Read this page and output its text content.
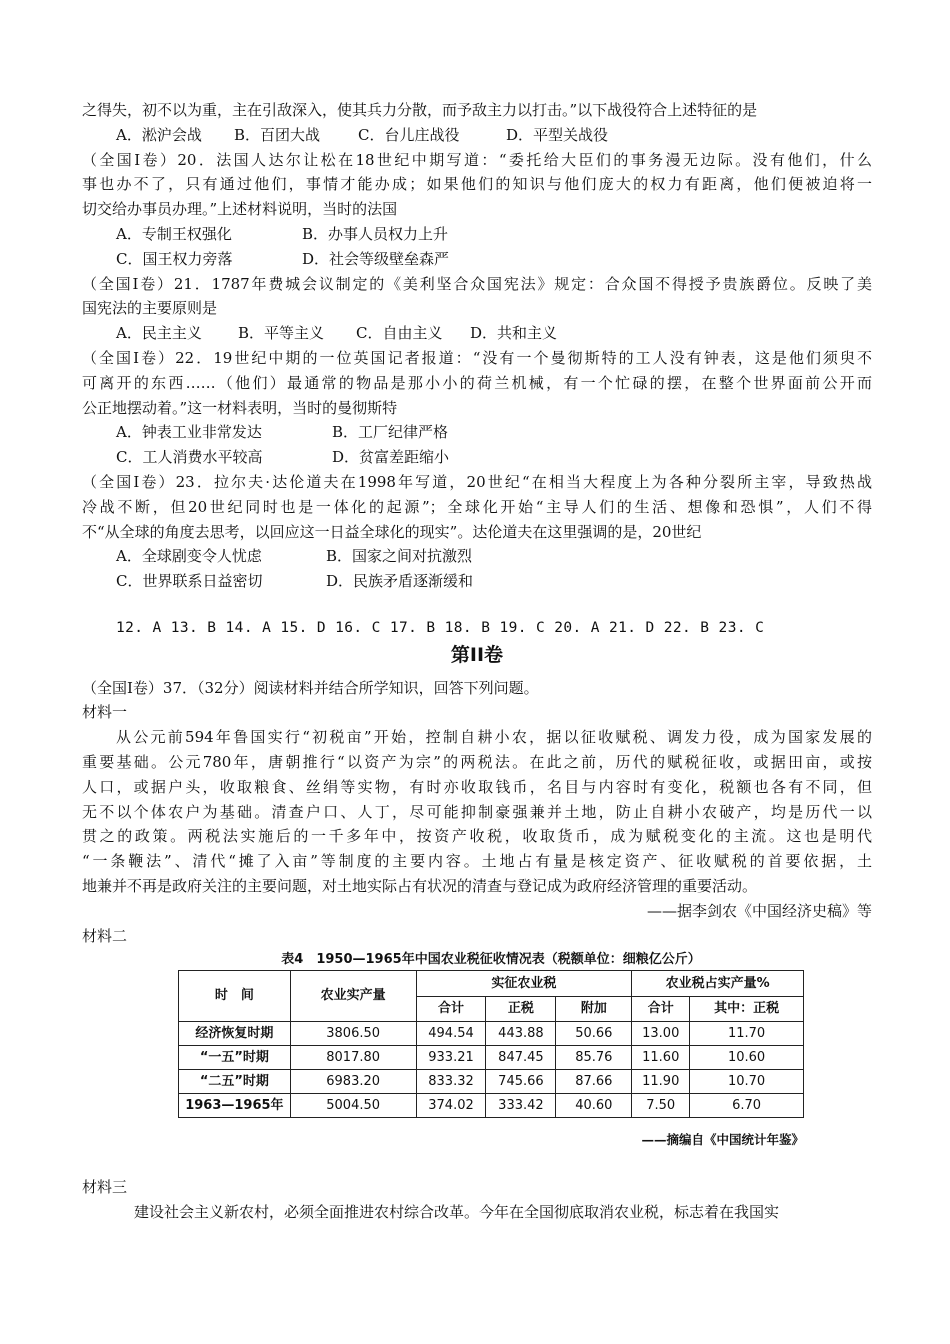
之得失，初不以为重，主在引敌深入，使其兵力分散，而予敌主力以打击。”以下战役符合上述特征的是
A．淞沪会战 B．百团大战	C．台儿庄战役	D．平型关战役
（全国Ⅰ卷）20．法国人达尔让松在18世纪中期写道：“委托给大臣们的事务漫无边际。没有他们，什么
事也办不了，只有通过他们，事情才能办成；如果他们的知识与他们庞大的权力有距离，他们便被迫将一
切交给办事员办理。”上述材料说明，当时的法国
A．专制王权强化	B．办事人员权力上升
C．国王权力旁落	D．社会等级壁垒森严
（全国Ⅰ卷）21．1787年费城会议制定的《美利坚合众国宪法》规定：合众国不得授予贵族爵位。反映了美
国宪法的主要原则是
A．民主主义 B．平等主义 C．自由主义 D．共和主义
（全国Ⅰ卷）22．19世纪中期的一位英国记者报道：“没有一个曼彻斯特的工人没有钟表，这是他们须臾不
可离开的东西……（他们）最通常的物品是那小小的荷兰机械，有一个忙碌的摆，在整个世界面前公开而
公正地摆动着。”这一材料表明，当时的曼彻斯特
A．钟表工业非常发达	B．工厂纪律严格
C．工人消费水平较高	D．贫富差距缩小
（全国Ⅰ卷）23．拉尔夫·达伦道夫在1998年写道，20世纪“在相当大程度上为各种分裂所主宰，导致热战
冷战不断，但20世纪同时也是一体化的起源”；全球化开始“主导人们的生活、想像和恐惧”，人们不得
不“从全球的角度去思考，以回应这一日益全球化的现实”。达伦道夫在这里强调的是，20世纪
A．全球剧变令人忧虑	B．国家之间对抗激烈
C．世界联系日益密切	D．民族矛盾逐渐缓和
12. A 13. B 14. A 15. D 16. C 17. B 18. B 19. C 20. A 21. D 22. B 23. C
第II卷
（全国Ⅰ卷）37．（32分）阅读材料并结合所学知识，回答下列问题。
材料一
从公元前594年鲁国实行“初税亩”开始，控制自耕小农，据以征收赋税、调发力役，成为国家发展的
重要基础。公元780年，唐朝推行“以资产为宗”的两税法。在此之前，历代的赋税征收，或据田亩，或按
人口，或据户头，收取粮食、丝绢等实物，有时亦收取钱币，名目与内容时有变化，税额也各有不同，但
无不以个体农户为基础。清查户口、人丁，尽可能抑制豪强兼并土地，防止自耕小农破产，均是历代一以
贯之的政策。两税法实施后的一千多年中，按资产收税，收取货币，成为赋税变化的主流。这也是明代
“一条鞭法”、清代“摊了入亩”等制度的主要内容。土地占有量是核定资产、征收赋税的首要依据，土
地兼并不再是政府关注的主要问题，对土地实际占有状况的清查与登记成为政府经济管理的重要活动。
——据李剑农《中国经济史稿》等
材料二
表4　1950—1965年中国农业税征收情况表（税额单位：细粮亿公斤）
时　间	农业实产量	实征农业税			农业税占实产量%	
		合计	正税	附加	合计	其中：正税
经济恢复时期	3806.50	494.54	443.88	50.66	13.00	11.70
“一五”时期	8017.80	933.21	847.45	85.76	11.60	10.60
“二五”时期	6983.20	833.32	745.66	87.66	11.90	10.70
1963—1965年	5004.50	374.02	333.42	40.60	7.50	6.70
——摘编自《中国统计年鉴》
材料三
建设社会主义新农村，必须全面推进农村综合改革。今年在全国彻底取消农业税，标志着在我国实
